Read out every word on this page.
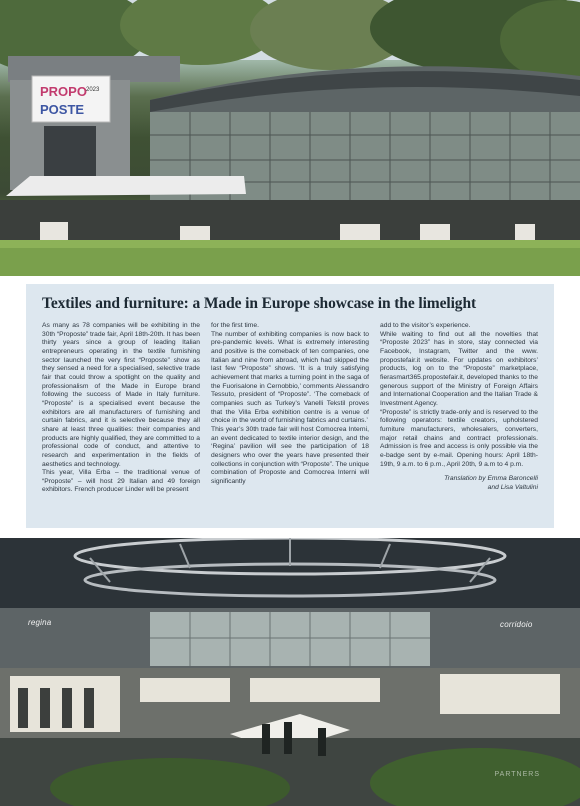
PROPO 2023
POSTE
Textiles and furniture: a Made in Europe showcase in the limelight

As many as 78 companies will be exhibiting in the 30th “Proposte” trade fair, April 18th-20th. It has been thirty years since a group of leading Italian entrepreneurs operating in the textile furnishing sector launched the very first “Proposte” show as they sensed a need for a specialised, selective trade fair that could throw a spotlight on the quality and professionalism of the Made in Europe brand following the success of Made in Italy furniture. “Proposte” is a specialised event because the exhibitors are all manufacturers of furnishing and curtain fabrics, and it is selective because they all share at least three qualities: their companies and products are highly qualified, they are committed to a professional code of conduct, and attentive to research and experimentation in the fields of aesthetics and technology.

This year, Villa Erba – the traditional venue of “Proposte” – will host 29 Italian and 49 foreign exhibitors. French producer Linder will be present

for the first time.

The number of exhibiting companies is now back to pre-pandemic levels. What is extremely interesting and positive is the comeback of ten companies, one Italian and nine from abroad, which had skipped the last few “Proposte” shows. ‘It is a truly satisfying achievement that marks a turning point in the saga of the Fuorisalone in Cernobbio,’ comments Alessandro Tessuto, president of “Proposte”. ‘The comeback of companies such as Turkey’s Vanelli Tekstil proves that the Villa Erba exhibition centre is a venue of choice in the world of furnishing fabrics and curtains.’

This year’s 30th trade fair will host Comocrea Interni, an event dedicated to textile interior design, and the ‘Regina’ pavilion will see the participation of 18 designers who over the years have presented their collections in conjunction with “Proposte”. The unique combination of Proposte and Comocrea Interni will significantly

add to the visitor’s experience.

While waiting to find out all the novelties that “Proposte 2023” has in store, stay connected via Facebook, Instagram, Twitter and the www. propostefair.it website. For updates on exhibitors’ products, log on to the “Proposte” marketplace, fierasmart365.propostefair.it, developed thanks to the generous support of the Ministry of Foreign Affairs and International Cooperation and the Italian Trade & Investment Agency.

“Proposte” is strictly trade-only and is reserved to the following operators: textile creators, upholstered furniture manufacturers, wholesalers, converters, major retail chains and contract professionals. Admission is free and access is only possible via the e-badge sent by e-mail. Opening hours: April 18th-19th, 9 a.m. to 6 p.m., April 20th, 9 a.m to 4 p.m.

Translation by Emma Baroncelli
and Lisa Valtulini
regina	corridoio
PARTNERS
